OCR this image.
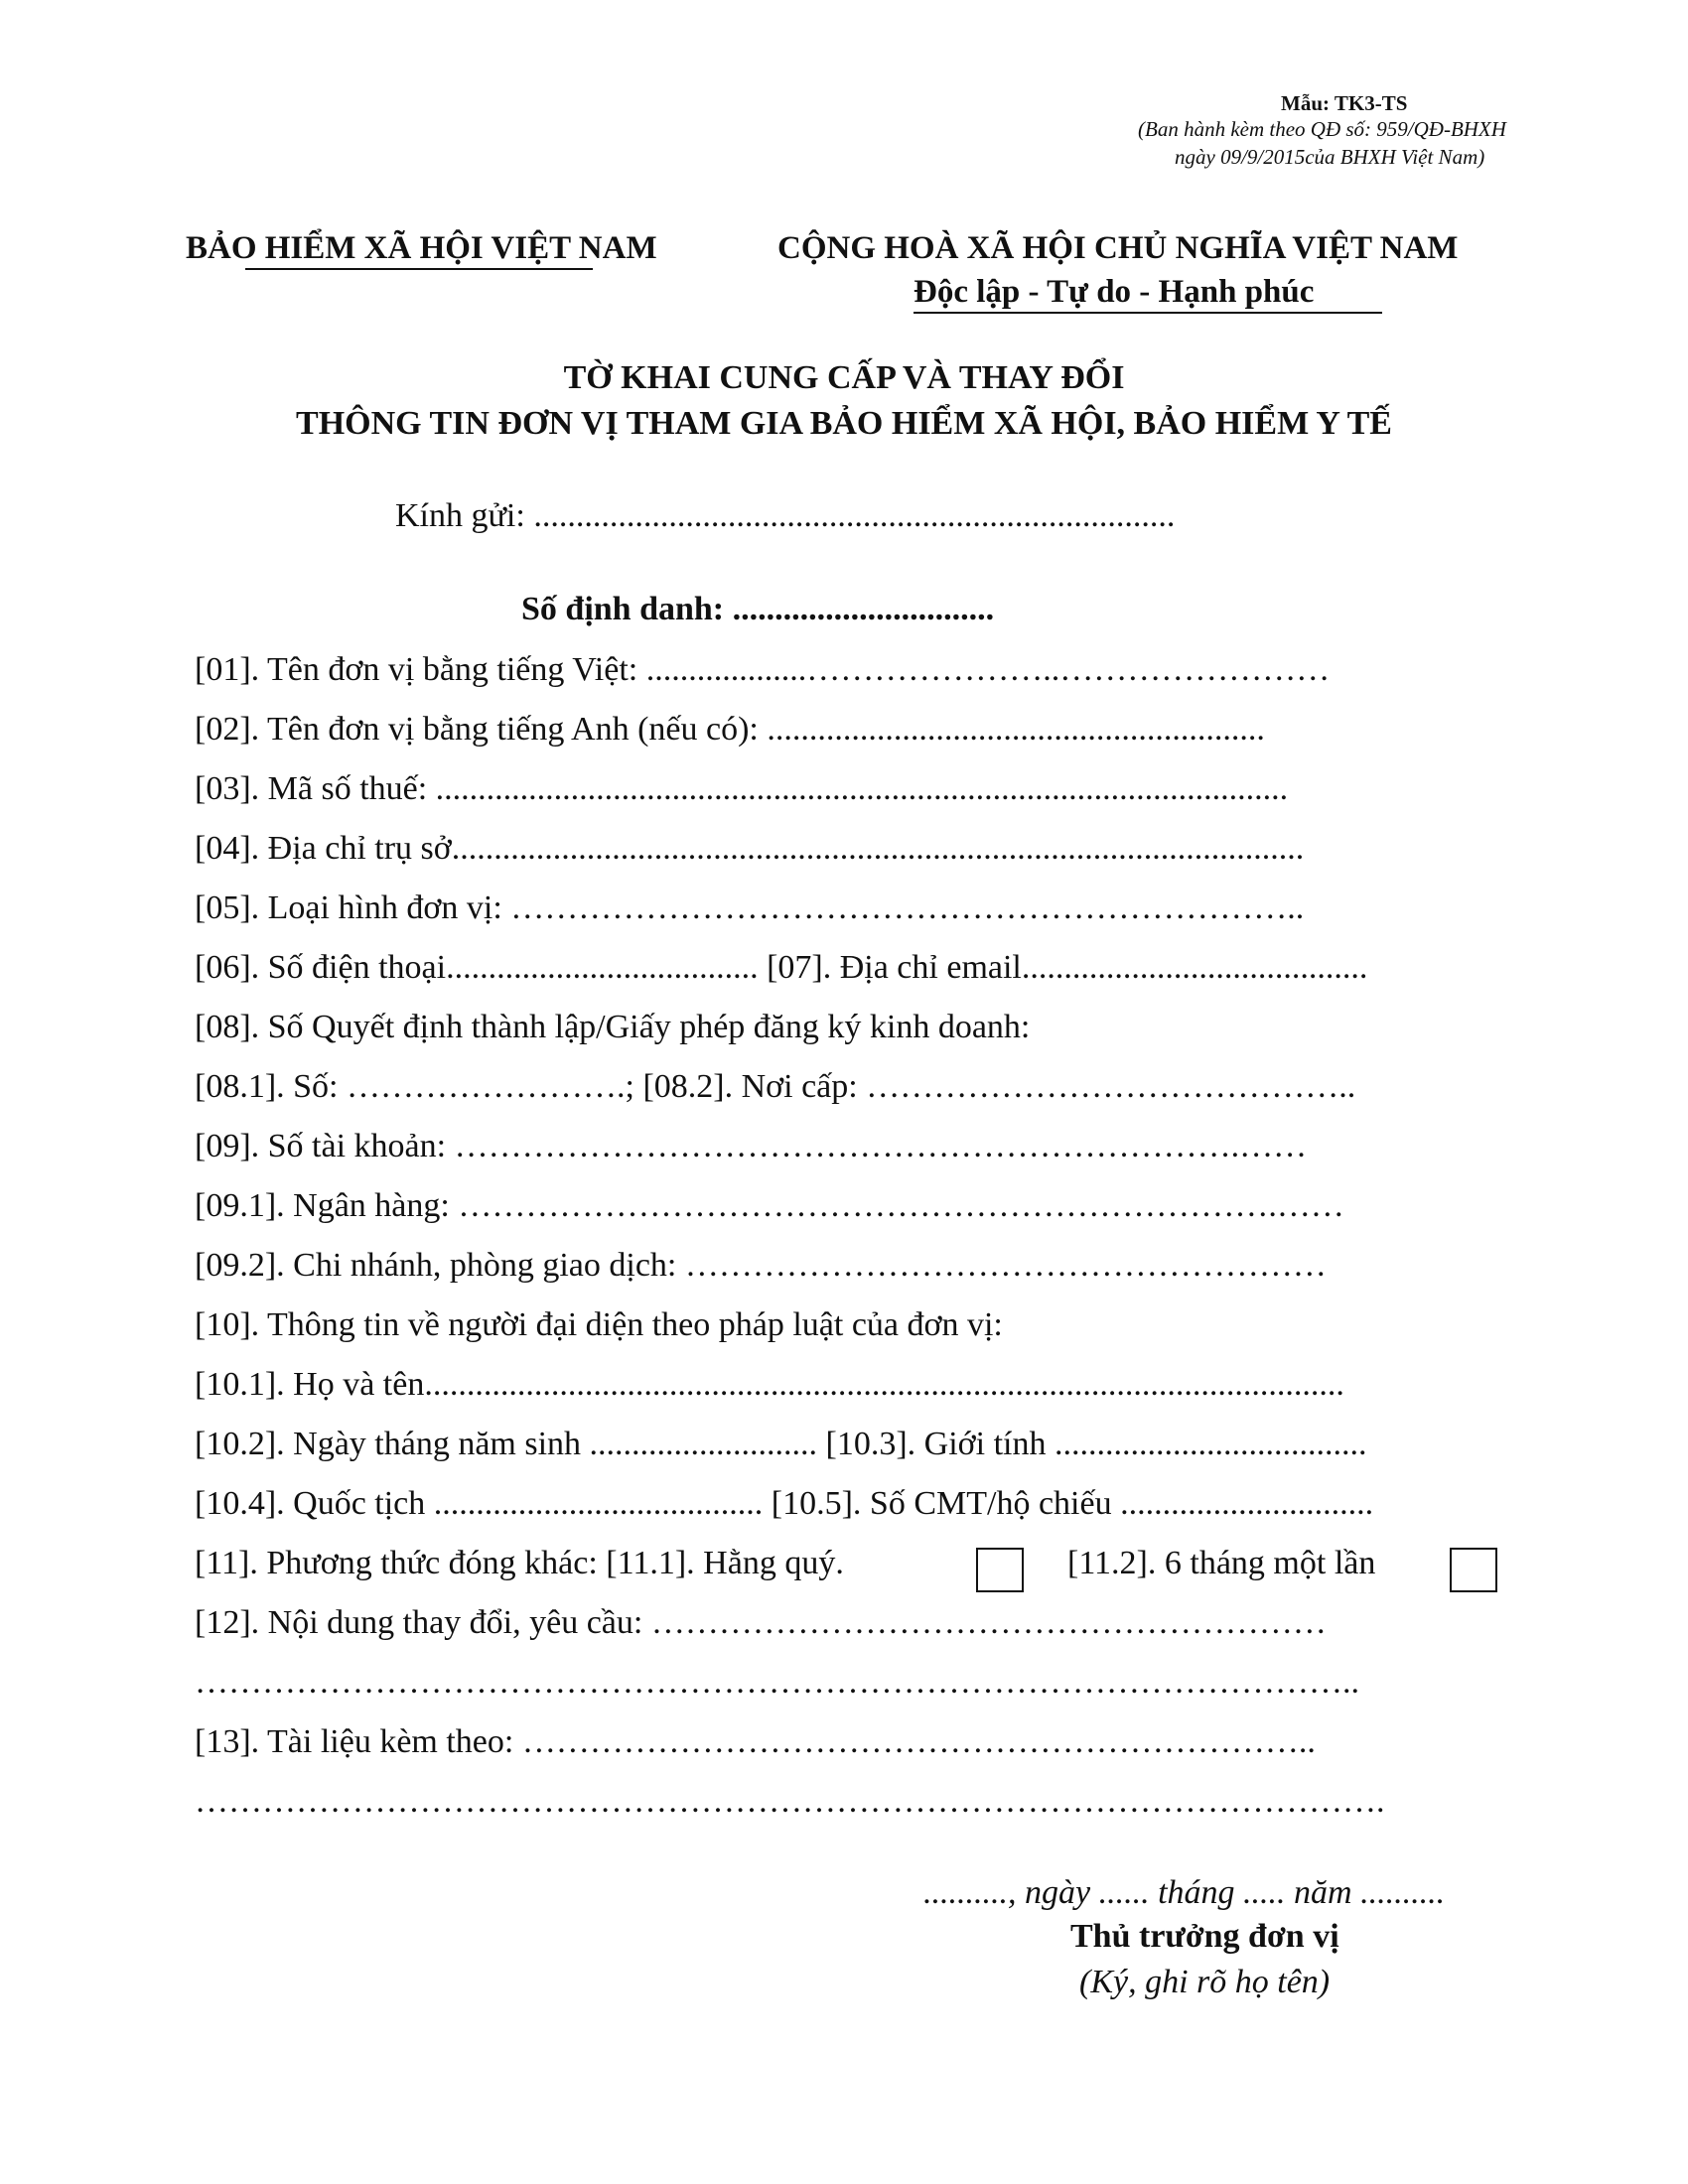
Mẫu: TK3-TS
(Ban hành kèm theo QĐ số: 959/QĐ-BHXH
ngày 09/9/2015của BHXH Việt Nam)
BẢO HIỂM XÃ HỘI VIỆT NAM	CỘNG HOÀ XÃ HỘI CHỦ NGHĨA VIỆT NAM
Độc lập - Tự do - Hạnh phúc
TỜ KHAI CUNG CẤP VÀ THAY ĐỔI
THÔNG TIN ĐƠN VỊ THAM GIA BẢO HIỂM XÃ HỘI, BẢO HIỂM Y TẾ
Kính gửi: ............................................................................
Số định danh: ...............................
[01]. Tên đơn vị bằng tiếng Việt: ...................…………………..……………………
[02]. Tên đơn vị bằng tiếng Anh (nếu có): ...........................................................
[03]. Mã số thuế: .....................................................................................................
[04]. Địa chỉ trụ sở.....................................................................................................
[05]. Loại hình đơn vị: ……………………………………………………………..
[06]. Số điện thoại..................................... [07]. Địa chỉ email.........................................
[08]. Số Quyết định thành lập/Giấy phép đăng ký kinh doanh:
[08.1]. Số: …………………….; [08.2]. Nơi cấp: ……………………………………..
[09]. Số tài khoản: …………………………………………………………….……
[09.1]. Ngân hàng: ……………………………………………………………….……
[09.2]. Chi nhánh, phòng giao dịch: …………………………………………………
[10]. Thông tin về người đại diện theo pháp luật của đơn vị:
[10.1]. Họ và tên.............................................................................................................
[10.2]. Ngày tháng năm sinh ........................... [10.3]. Giới tính .....................................
[10.4]. Quốc tịch ....................................... [10.5]. Số CMT/hộ chiếu ..............................
[11]. Phương thức đóng khác: [11.1]. Hằng quý.	[11.2]. 6 tháng một lần
[12]. Nội dung thay đổi, yêu cầu: ……………………………………………………
…………………………………………………………………………………………..
[13]. Tài liệu kèm theo: ……………………………………………………………..
…………………………………………………………………………………………….
.........., ngày ...... tháng ..... năm ..........
Thủ trưởng đơn vị
(Ký, ghi rõ họ tên)
